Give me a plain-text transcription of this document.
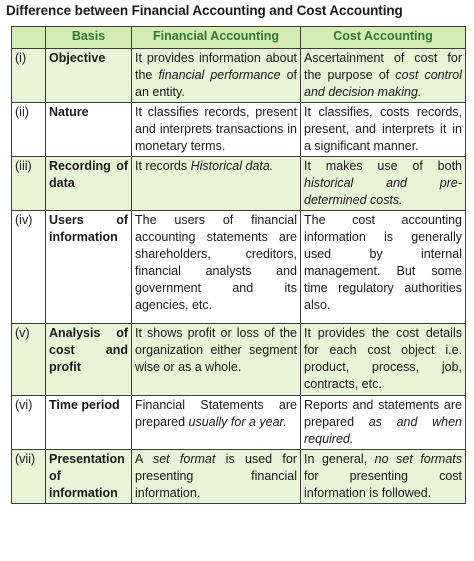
Difference between Financial Accounting and Cost Accounting
	Basis	Financial Accounting	Cost Accounting
(i)	Objective	It provides information about the financial performance of an entity.	Ascertainment of cost for the purpose of cost control and decision making.
(ii)	Nature	It classifies records, present and interprets transactions in monetary terms.	It classifies, costs records, present, and interprets it in a significant manner.
(iii)	Recording of data	It records Historical data.	It makes use of both historical and pre-determined costs.
(iv)	Users of information	The users of financial accounting statements are shareholders, creditors, financial analysts and government and its agencies, etc.	The cost accounting information is generally used by internal management. But some time regulatory authorities also.
(v)	Analysis of cost and profit	It shows profit or loss of the organization either segment wise or as a whole.	It provides the cost details for each cost object i.e. product, process, job, contracts, etc.
(vi)	Time period	Financial Statements are prepared usually for a year.	Reports and statements are prepared as and when required.
(vii)	Presentation of information	A set format is used for presenting financial information.	In general, no set formats for presenting cost information is followed.
